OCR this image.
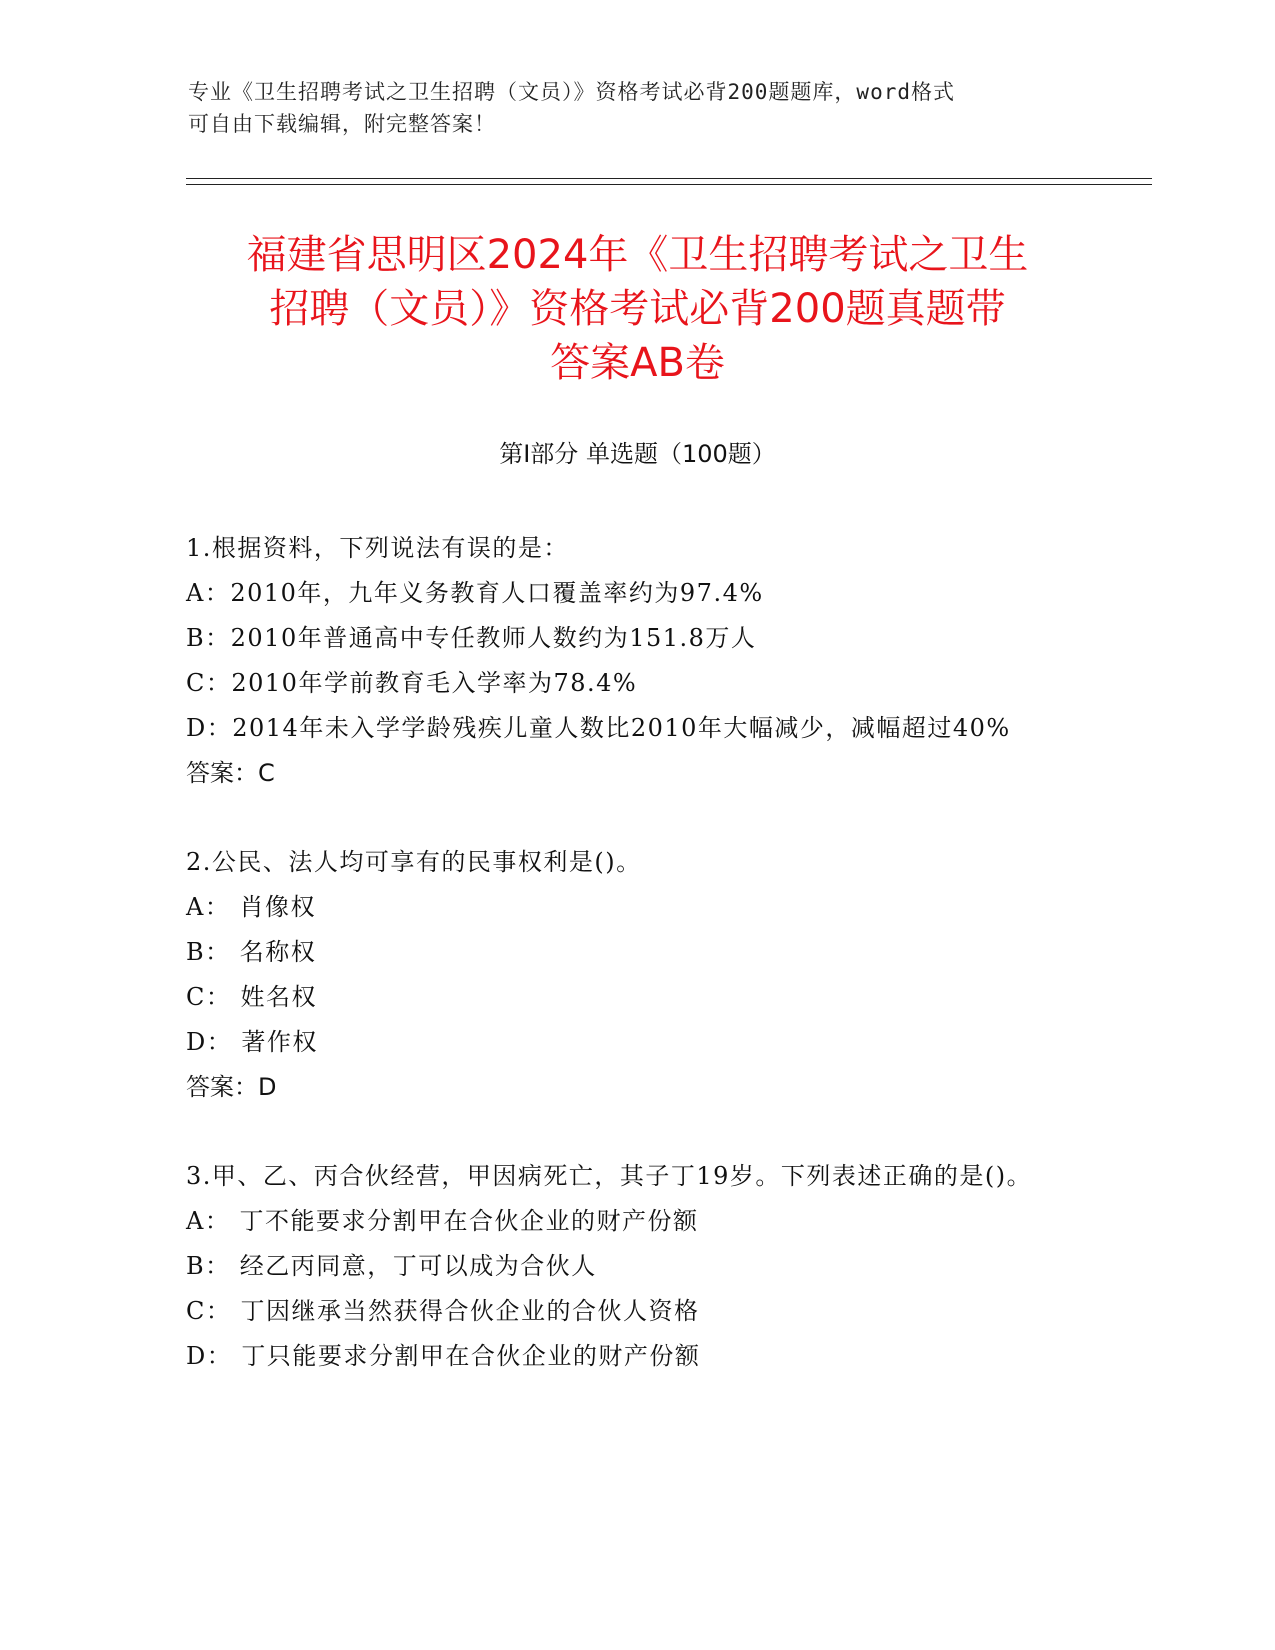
专业《卫生招聘考试之卫生招聘（文员）》资格考试必背200题题库，word格式
可自由下载编辑，附完整答案！
福建省思明区2024年《卫生招聘考试之卫生
招聘（文员）》资格考试必背200题真题带
答案AB卷
第I部分 单选题（100题）
1.根据资料，下列说法有误的是：
A：2010年，九年义务教育人口覆盖率约为97.4%
B：2010年普通高中专任教师人数约为151.8万人
C：2010年学前教育毛入学率为78.4%
D：2014年未入学学龄残疾儿童人数比2010年大幅减少，减幅超过40%
答案：C
2.公民、法人均可享有的民事权利是()。
A： 肖像权
B： 名称权
C： 姓名权
D： 著作权
答案：D
3.甲、乙、丙合伙经营，甲因病死亡，其子丁19岁。下列表述正确的是()。
A： 丁不能要求分割甲在合伙企业的财产份额
B： 经乙丙同意，丁可以成为合伙人
C： 丁因继承当然获得合伙企业的合伙人资格
D： 丁只能要求分割甲在合伙企业的财产份额
